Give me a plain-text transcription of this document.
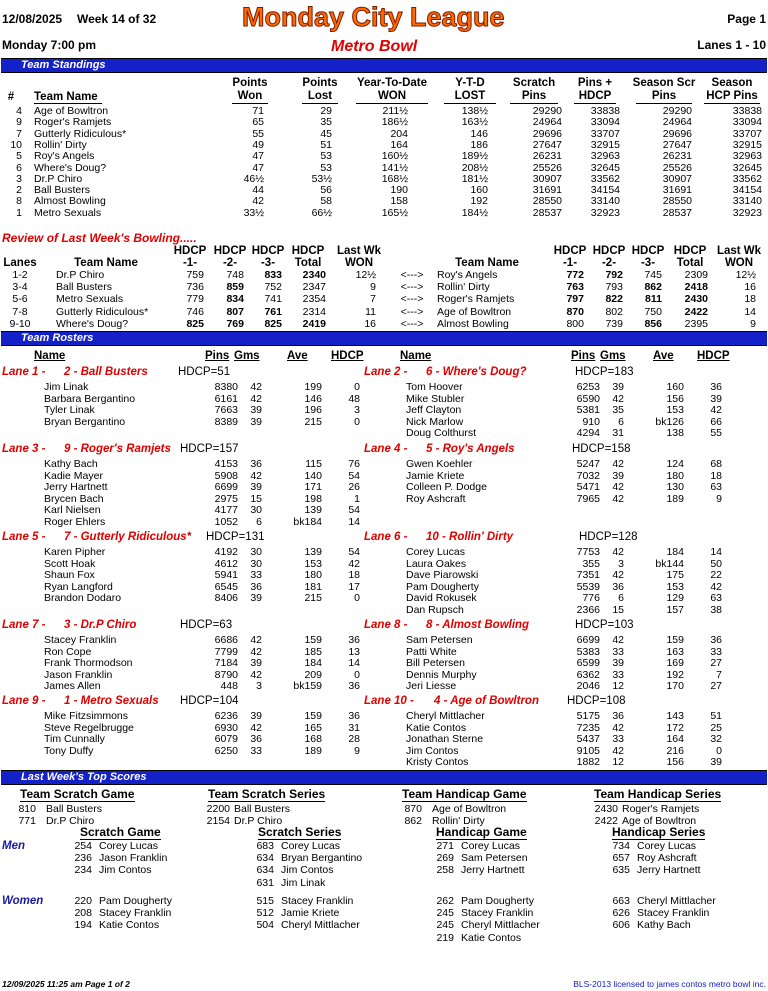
12/08/2025 Week 14 of 32	Monday City League	Page 1
Monday 7:00 pm	Metro Bowl	Lanes 1 - 10
Team Standings
#	Team Name
Points Won
Points Lost
Year-To-Date WON
Y-T-D LOST
Scratch Pins
Pins + HDCP
Season Scr Pins
Season HCP Pins
4 Age of Bowltron	71	29	211½	138½	29290	33838	29290	33838
9 Roger's Ramjets	65	35	186½	163½	24964	33094	24964	33094
7 Gutterly Ridiculous*	55	45	204	146	29696	33707	29696	33707
10 Rollin' Dirty	49	51	164	186	27647	32915	27647	32915
5 Roy's Angels	47	53	160½	189½	26231	32963	26231	32963
6 Where's Doug?	47	53	141½	208½	25526	32645	25526	32645
3 Dr.P Chiro	46½	53½	168½	181½	30907	33562	30907	33562
2 Ball Busters	44	56	190	160	31691	34154	31691	34154
8 Almost Bowling	42	58	158	192	28550	33140	28550	33140
1 Metro Sexuals	33½	66½	165½	184½	28537	32923	28537	32923
Review of Last Week's Bowling.....
Lanes	Team Name
HDCP -1-
HDCP -2-
HDCP -3-
HDCP Total
Last Wk WON	Team Name
HDCP -1-
HDCP -2-
HDCP -3-
HDCP Total
Last Wk WON
1-2	Dr.P Chiro	759	748	833	2340	12½	<--->	Roy's Angels	772	792	745	2309	12½
3-4	Ball Busters	736	859	752	2347	9	<--->	Rollin' Dirty	763	793	862	2418	16
5-6	Metro Sexuals	779	834	741	2354	7	<--->	Roger's Ramjets	797	822	811	2430	18
7-8	Gutterly Ridiculous*	746	807	761	2314	11	<--->	Age of Bowltron	870	802	750	2422	14
9-10	Where's Doug?	825	769	825	2419	16	<--->	Almost Bowling	800	739	856	2395	9
Team Rosters
Name	Pins Gms Ave HDCP	Name	Pins Gms Ave HDCP
Lane 1 - 2 - Ball Busters	HDCP=51
Jim Linak	8380	42	199	0
Barbara Bergantino	6161	42	146	48
Tyler Linak	7663	39	196	3
Bryan Bergantino	8389	39	215	0
Lane 3 - 9 - Roger's Ramjets HDCP=157
Kathy Bach	4153	36	115	76
Kadie Mayer	5908	42	140	54
Jerry Hartnett	6699	39	171	26
Brycen Bach	2975	15	198	1
Karl Nielsen	4177	30	139	54
Roger Ehlers	1052	6	bk184	14
Lane 5 - 7 - Gutterly Ridiculous* HDCP=131
Karen Pipher	4192	30	139	54
Scott Hoak	4612	30	153	42
Shaun Fox	5941	33	180	18
Ryan Langford	6545	36	181	17
Brandon Dodaro	8406	39	215	0
Lane 7 - 3 - Dr.P Chiro	HDCP=63
Stacey Franklin	6686	42	159	36
Ron Cope	7799	42	185	13
Frank Thormodson	7184	39	184	14
Jason Franklin	8790	42	209	0
James Allen	448	3	bk159	36
Lane 9 - 1 - Metro Sexuals HDCP=104
Mike Fitzsimmons	6236	39	159	36
Steve Regelbrugge	6930	42	165	31
Tim Cunnally	6079	36	168	28
Tony Duffy	6250	33	189	9
Lane 2 - 6 - Where's Doug?	HDCP=183
Tom Hoover	6253	39	160	36
Mike Stubler	6590	42	156	39
Jeff Clayton	5381	35	153	42
Nick Marlow	910	6	bk126	66
Doug Colthurst	4294	31	138	55
Lane 4 - 5 - Roy's Angels	HDCP=158
Gwen Koehler	5247	42	124	68
Jamie Kriete	7032	39	180	18
Colleen P. Dodge	5471	42	130	63
Roy Ashcraft	7965	42	189	9
Lane 6 - 10 - Rollin' Dirty	HDCP=128
Corey Lucas	7753	42	184	14
Laura Oakes	355	3	bk144	50
Dave Piarowski	7351	42	175	22
Pam Dougherty	5539	36	153	42
David Rokusek	776	6	129	63
Dan Rupsch	2366	15	157	38
Lane 8 - 8 - Almost Bowling	HDCP=103
Sam Petersen	6699	42	159	36
Patti White	5383	33	163	33
Bill Petersen	6599	39	169	27
Dennis Murphy	6362	33	192	7
Jeri Liesse	2046	12	170	27
Lane 10 - 4 - Age of Bowltron HDCP=108
Cheryl Mittlacher	5175	36	143	51
Katie Contos	7235	42	172	25
Jonathan Sterne	5437	33	164	32
Jim Contos	9105	42	216	0
Kristy Contos	1882	12	156	39
Last Week's Top Scores
Team Scratch Game
810 Ball Busters
771 Dr.P Chiro
Team Scratch Series
2200 Ball Busters
2154 Dr.P Chiro
Team Handicap Game
870 Age of Bowltron
862 Rollin' Dirty
Team Handicap Series
2430 Roger's Ramjets
2422 Age of Bowltron
Scratch Game	Scratch Series	Handicap Game	Handicap Series
Men
Women
254 Corey Lucas
236 Jason Franklin
234 Jim Contos
683 Corey Lucas
634 Bryan Bergantino
634 Jim Contos
631 Jim Linak
271 Corey Lucas
269 Sam Petersen
258 Jerry Hartnett
734 Corey Lucas
657 Roy Ashcraft
635 Jerry Hartnett
220 Pam Dougherty
208 Stacey Franklin
194 Katie Contos
515 Stacey Franklin
512 Jamie Kriete
504 Cheryl Mittlacher
262 Pam Dougherty
245 Stacey Franklin
245 Cheryl Mittlacher
219 Katie Contos
663 Cheryl Mittlacher
626 Stacey Franklin
606 Kathy Bach
12/09/2025 11:25 am Page 1 of 2	BLS-2013 licensed to james contos metro bowl inc.
